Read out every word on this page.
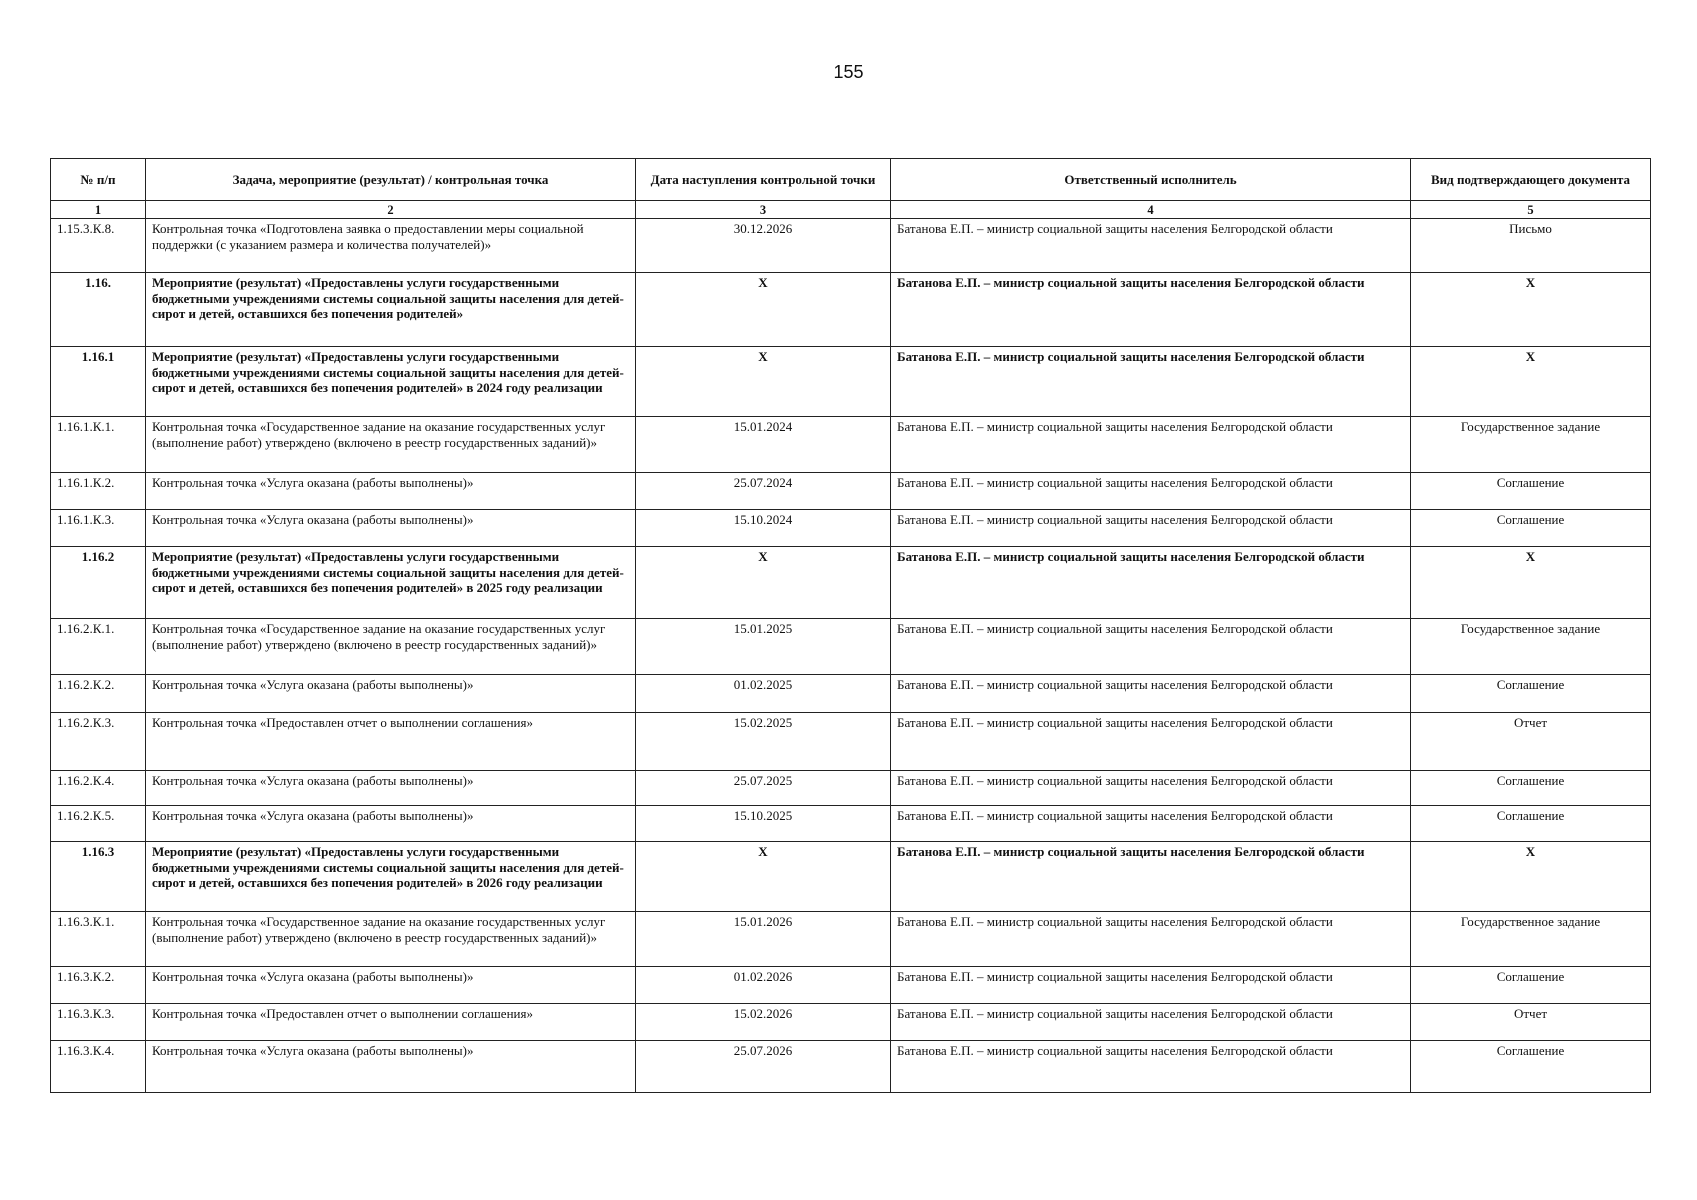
155
№ п/п	Задача, мероприятие (результат) / контрольная точка	Дата наступления контрольной точки	Ответственный исполнитель	Вид подтверждающего документа
1	2	3	4	5
1.15.3.К.8.	Контрольная точка «Подготовлена заявка о предоставлении меры социальной поддержки (с указанием размера и количества получателей)»	30.12.2026	Батанова Е.П. – министр социальной защиты населения Белгородской области	Письмо
1.16.	Мероприятие (результат) «Предоставлены услуги государственными бюджетными учреждениями системы социальной защиты населения для детей-сирот и детей, оставшихся без попечения родителей»	X	Батанова Е.П. – министр социальной защиты населения Белгородской области	X
1.16.1	Мероприятие (результат) «Предоставлены услуги государственными бюджетными учреждениями системы социальной защиты населения для детей-сирот и детей, оставшихся без попечения родителей» в 2024 году реализации	X	Батанова Е.П. – министр социальной защиты населения Белгородской области	X
1.16.1.К.1.	Контрольная точка «Государственное задание на оказание государственных услуг (выполнение работ) утверждено (включено в реестр государственных заданий)»	15.01.2024	Батанова Е.П. – министр социальной защиты населения Белгородской области	Государственное задание
1.16.1.К.2.	Контрольная точка «Услуга оказана (работы выполнены)»	25.07.2024	Батанова Е.П. – министр социальной защиты населения Белгородской области	Соглашение
1.16.1.К.3.	Контрольная точка «Услуга оказана (работы выполнены)»	15.10.2024	Батанова Е.П. – министр социальной защиты населения Белгородской области	Соглашение
1.16.2	Мероприятие (результат) «Предоставлены услуги государственными бюджетными учреждениями системы социальной защиты населения для детей-сирот и детей, оставшихся без попечения родителей» в 2025 году реализации	X	Батанова Е.П. – министр социальной защиты населения Белгородской области	X
1.16.2.К.1.	Контрольная точка «Государственное задание на оказание государственных услуг (выполнение работ) утверждено (включено в реестр государственных заданий)»	15.01.2025	Батанова Е.П. – министр социальной защиты населения Белгородской области	Государственное задание
1.16.2.К.2.	Контрольная точка «Услуга оказана (работы выполнены)»	01.02.2025	Батанова Е.П. – министр социальной защиты населения Белгородской области	Соглашение
1.16.2.К.3.	Контрольная точка «Предоставлен отчет о выполнении соглашения»	15.02.2025	Батанова Е.П. – министр социальной защиты населения Белгородской области	Отчет
1.16.2.К.4.	Контрольная точка «Услуга оказана (работы выполнены)»	25.07.2025	Батанова Е.П. – министр социальной защиты населения Белгородской области	Соглашение
1.16.2.К.5.	Контрольная точка «Услуга оказана (работы выполнены)»	15.10.2025	Батанова Е.П. – министр социальной защиты населения Белгородской области	Соглашение
1.16.3	Мероприятие (результат) «Предоставлены услуги государственными бюджетными учреждениями системы социальной защиты населения для детей-сирот и детей, оставшихся без попечения родителей» в 2026 году реализации	X	Батанова Е.П. – министр социальной защиты населения Белгородской области	X
1.16.3.К.1.	Контрольная точка «Государственное задание на оказание государственных услуг (выполнение работ) утверждено (включено в реестр государственных заданий)»	15.01.2026	Батанова Е.П. – министр социальной защиты населения Белгородской области	Государственное задание
1.16.3.К.2.	Контрольная точка «Услуга оказана (работы выполнены)»	01.02.2026	Батанова Е.П. – министр социальной защиты населения Белгородской области	Соглашение
1.16.3.К.3.	Контрольная точка «Предоставлен отчет о выполнении соглашения»	15.02.2026	Батанова Е.П. – министр социальной защиты населения Белгородской области	Отчет
1.16.3.К.4.	Контрольная точка «Услуга оказана (работы выполнены)»	25.07.2026	Батанова Е.П. – министр социальной защиты населения Белгородской области	Соглашение
